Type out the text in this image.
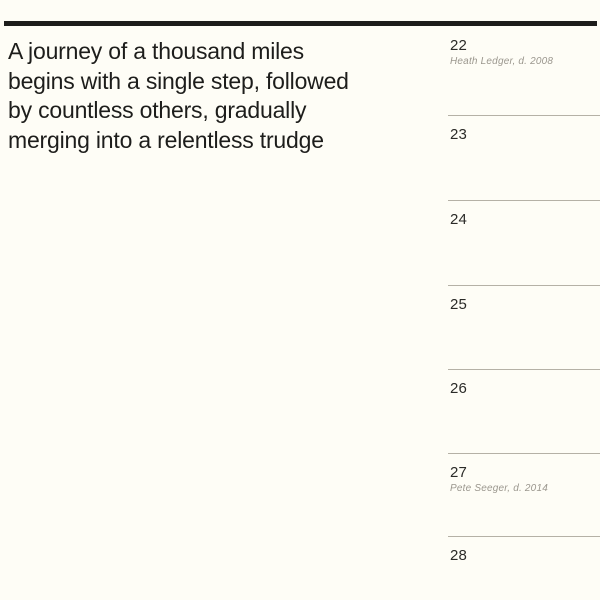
A journey of a thousand miles
begins with a single step, followed
by countless others, gradually
merging into a relentless trudge
22
Heath Ledger, d. 2008
23
24
25
26
27
Pete Seeger, d. 2014
28
